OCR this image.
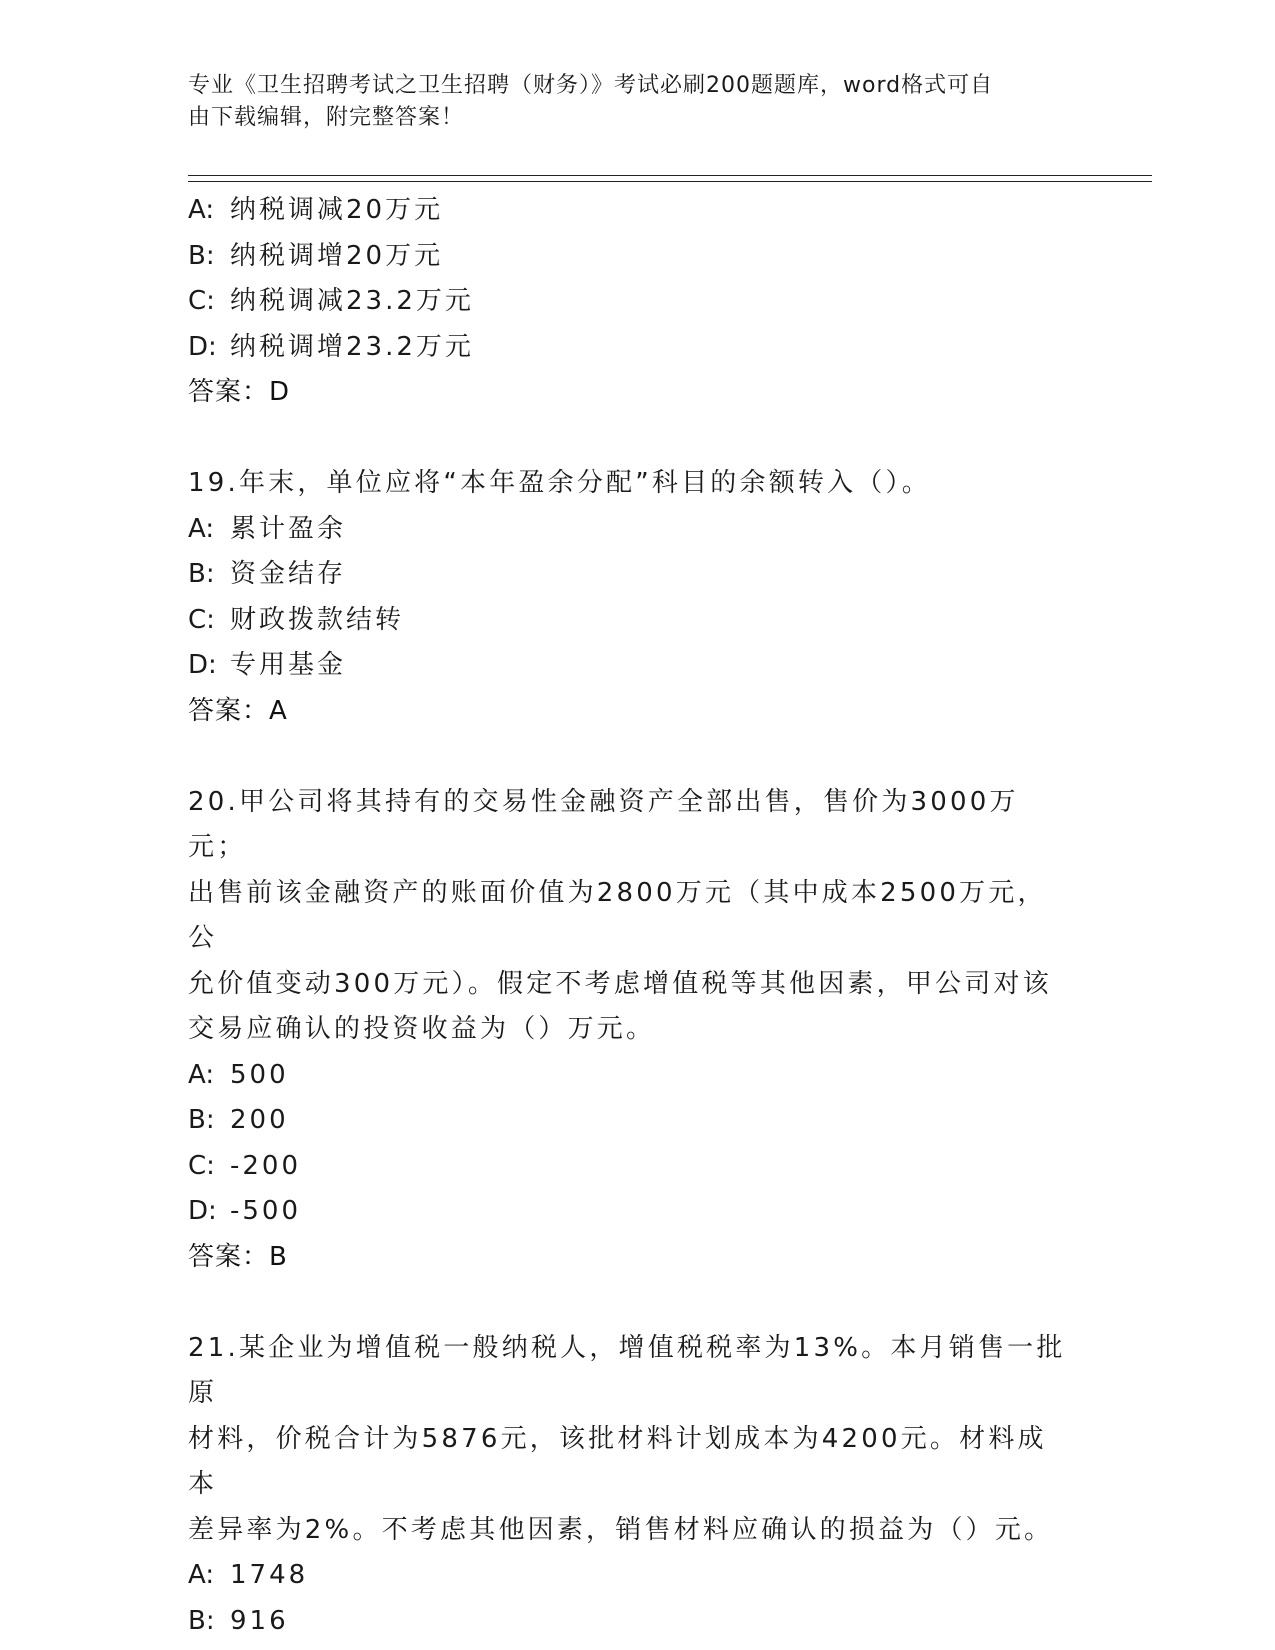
专业《卫生招聘考试之卫生招聘（财务）》考试必刷200题题库，word格式可自
由下载编辑，附完整答案！
A: 纳税调减20万元
B: 纳税调增20万元
C: 纳税调减23.2万元
D: 纳税调增23.2万元
答案：D
19.年末，单位应将“本年盈余分配”科目的余额转入（）。
A: 累计盈余
B: 资金结存
C: 财政拨款结转
D: 专用基金
答案：A
20.甲公司将其持有的交易性金融资产全部出售，售价为3000万元；
出售前该金融资产的账面价值为2800万元（其中成本2500万元，公
允价值变动300万元）。假定不考虑增值税等其他因素，甲公司对该
交易应确认的投资收益为（）万元。
A: 500
B: 200
C: -200
D: -500
答案：B
21.某企业为增值税一般纳税人，增值税税率为13%。本月销售一批原
材料，价税合计为5876元，该批材料计划成本为4200元。材料成本
差异率为2%。不考虑其他因素，销售材料应确认的损益为（）元。
A: 1748
B: 916
